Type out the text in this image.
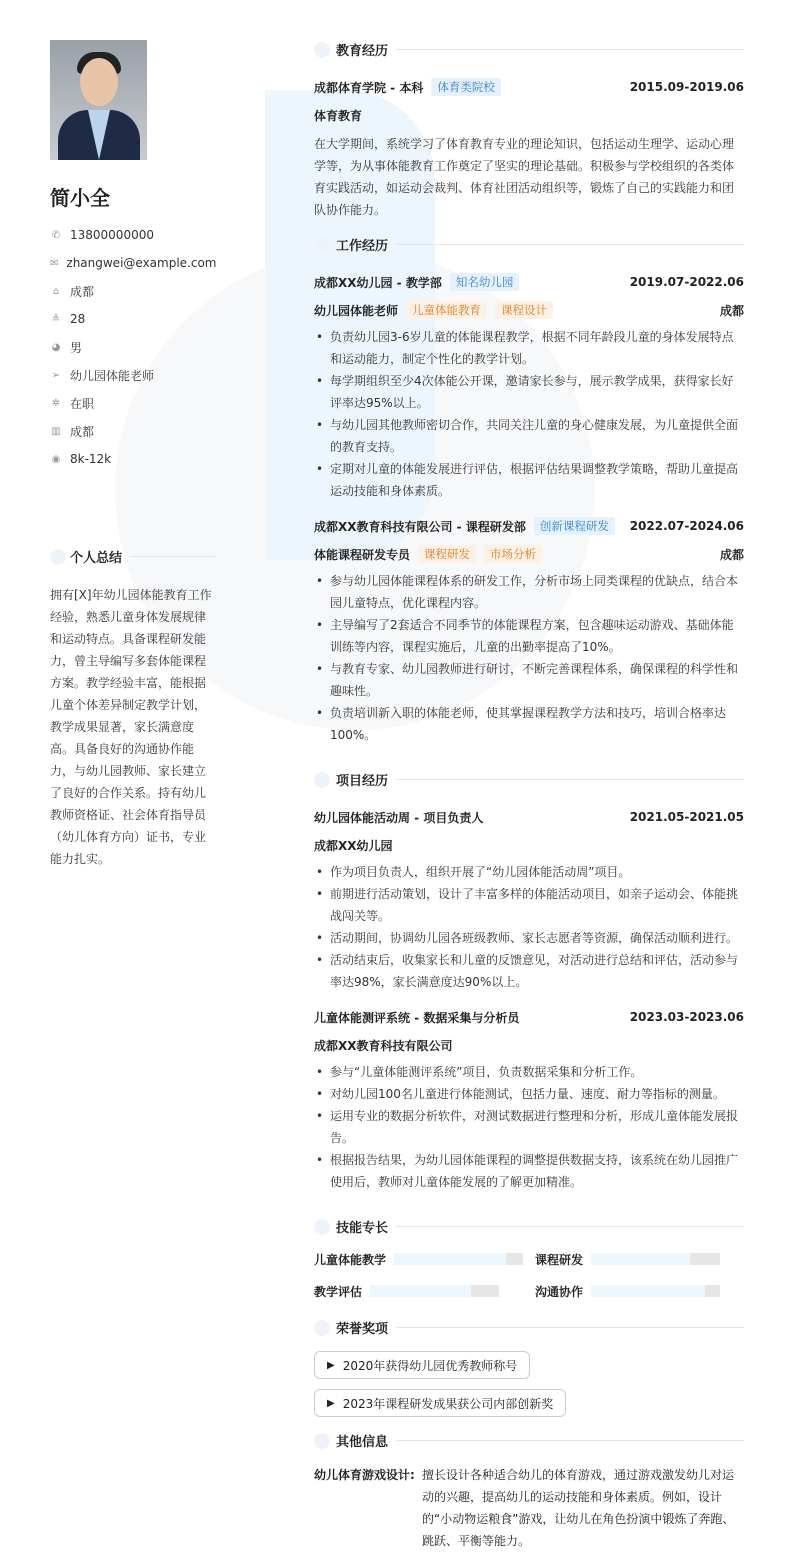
简小全
✆ 13800000000
✉ zhangwei@example.com
⌂ 成都
≜ 28
◕ 男
➢ 幼儿园体能老师
✲ 在职
▥ 成都
◉ 8k-12k
个人总结
拥有[X]年幼儿园体能教育工作经验，熟悉儿童身体发展规律和运动特点。具备课程研发能力，曾主导编写多套体能课程方案。教学经验丰富，能根据儿童个体差异制定教学计划，教学成果显著，家长满意度高。具备良好的沟通协作能力，与幼儿园教师、家长建立了良好的合作关系。持有幼儿教师资格证、社会体育指导员（幼儿体育方向）证书，专业能力扎实。
教育经历
成都体育学院 - 本科	体育类院校	2015.09-2019.06
体育教育

在大学期间，系统学习了体育教育专业的理论知识，包括运动生理学、运动心理学等，为从事体能教育工作奠定了坚实的理论基础。积极参与学校组织的各类体育实践活动，如运动会裁判、体育社团活动组织等，锻炼了自己的实践能力和团队协作能力。

工作经历
成都XX幼儿园 - 教学部	知名幼儿园	2019.07-2022.06
幼儿园体能老师	儿童体能教育	课程设计	成都
• 负责幼儿园3-6岁儿童的体能课程教学，根据不同年龄段儿童的身体发展特点和运动能力，制定个性化的教学计划。
• 每学期组织至少4次体能公开课，邀请家长参与，展示教学成果，获得家长好评率达95%以上。
• 与幼儿园其他教师密切合作，共同关注儿童的身心健康发展，为儿童提供全面的教育支持。
• 定期对儿童的体能发展进行评估，根据评估结果调整教学策略，帮助儿童提高运动技能和身体素质。
成都XX教育科技有限公司 - 课程研发部	创新课程研发	2022.07-2024.06
体能课程研发专员	课程研发	市场分析	成都
• 参与幼儿园体能课程体系的研发工作，分析市场上同类课程的优缺点，结合本园儿童特点，优化课程内容。
• 主导编写了2套适合不同季节的体能课程方案，包含趣味运动游戏、基础体能训练等内容，课程实施后，儿童的出勤率提高了10%。
• 与教育专家、幼儿园教师进行研讨，不断完善课程体系，确保课程的科学性和趣味性。
• 负责培训新入职的体能老师，使其掌握课程教学方法和技巧，培训合格率达100%。
项目经历
幼儿园体能活动周 - 项目负责人	2021.05-2021.05
成都XX幼儿园
• 作为项目负责人，组织开展了“幼儿园体能活动周”项目。
• 前期进行活动策划，设计了丰富多样的体能活动项目，如亲子运动会、体能挑战闯关等。
• 活动期间，协调幼儿园各班级教师、家长志愿者等资源，确保活动顺利进行。
• 活动结束后，收集家长和儿童的反馈意见，对活动进行总结和评估，活动参与率达98%，家长满意度达90%以上。
儿童体能测评系统 - 数据采集与分析员	2023.03-2023.06
成都XX教育科技有限公司
• 参与“儿童体能测评系统”项目，负责数据采集和分析工作。
• 对幼儿园100名儿童进行体能测试，包括力量、速度、耐力等指标的测量。
• 运用专业的数据分析软件，对测试数据进行整理和分析，形成儿童体能发展报告。
• 根据报告结果，为幼儿园体能课程的调整提供数据支持，该系统在幼儿园推广使用后，教师对儿童体能发展的了解更加精准。
技能专长
儿童体能教学	课程研发
教学评估	沟通协作
荣誉奖项
▶ 2020年获得幼儿园优秀教师称号
▶ 2023年课程研发成果获公司内部创新奖
其他信息
幼儿体育游戏设计: 擅长设计各种适合幼儿的体育游戏，通过游戏激发幼儿对运动的兴趣，提高幼儿的运动技能和身体素质。例如，设计的“小动物运粮食”游戏，让幼儿在角色扮演中锻炼了奔跑、跳跃、平衡等能力。
